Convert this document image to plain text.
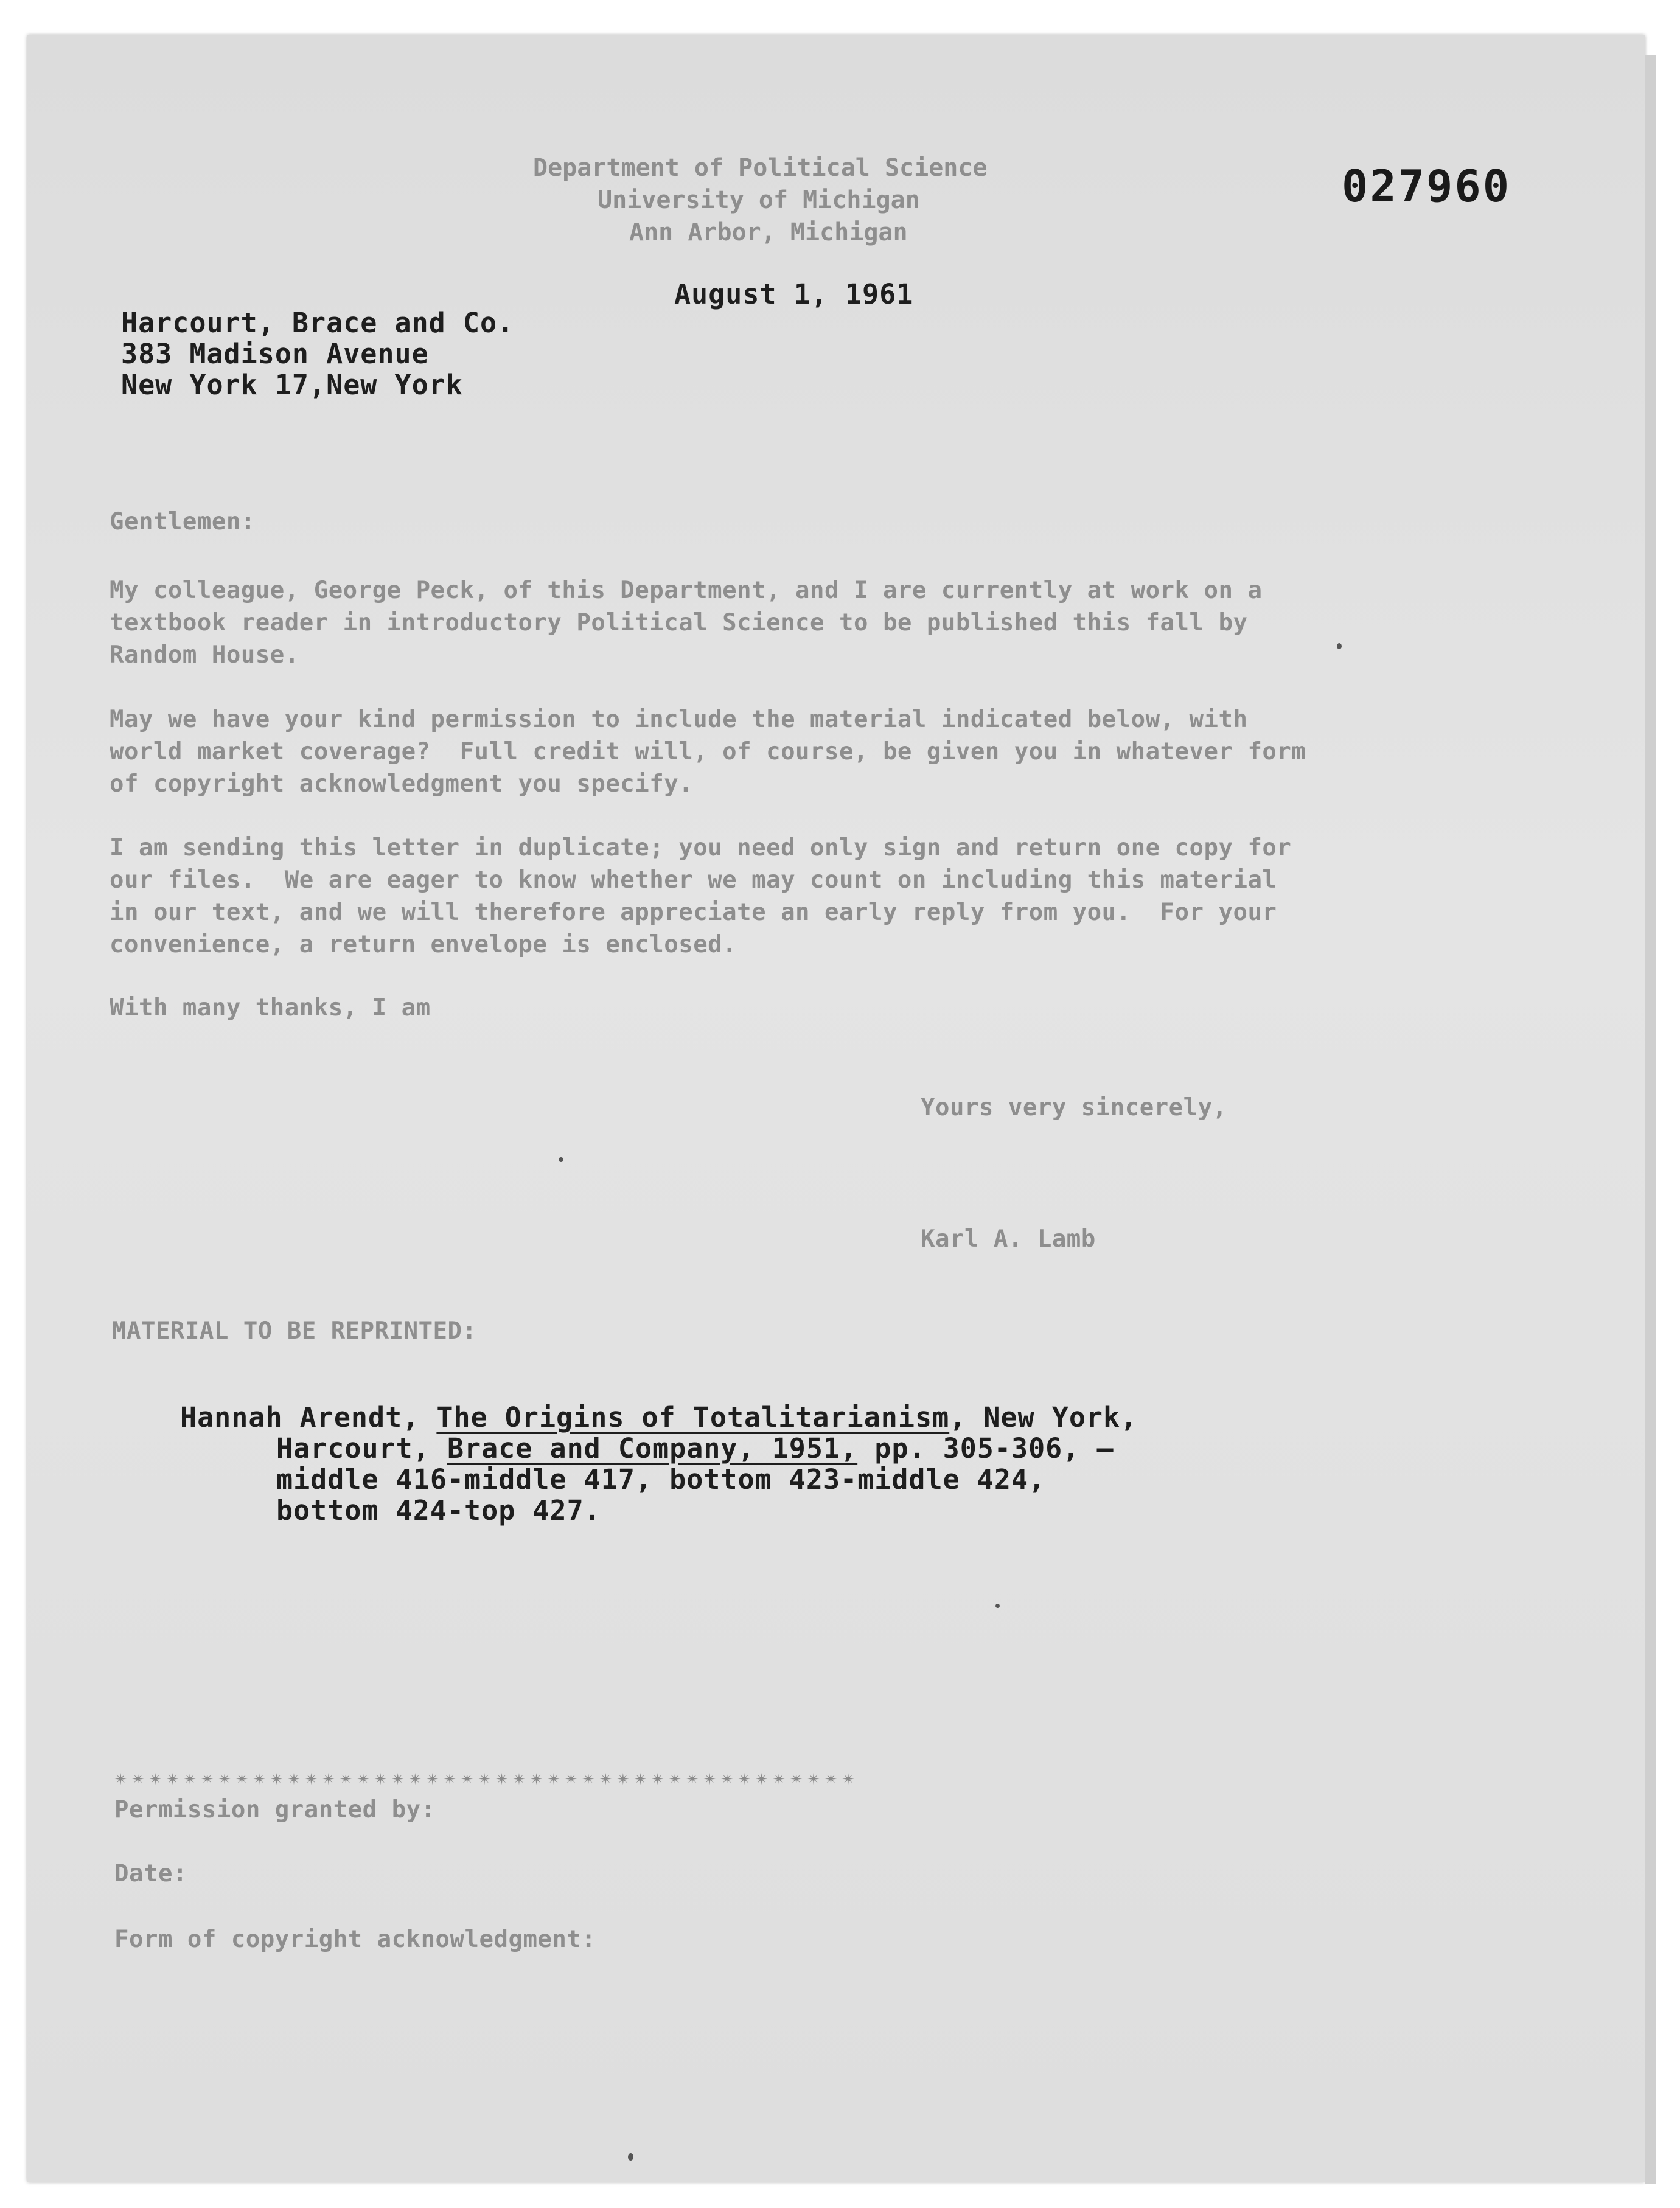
027960
Department of Political Science
University of Michigan
Ann Arbor, Michigan
August 1, 1961
Harcourt, Brace and Co.
383 Madison Avenue
New York 17,New York
Gentlemen:
My colleague, George Peck, of this Department, and I are currently at work on a
textbook reader in introductory Political Science to be published this fall by
Random House.
May we have your kind permission to include the material indicated below, with
world market coverage?  Full credit will, of course, be given you in whatever form
of copyright acknowledgment you specify.
I am sending this letter in duplicate; you need only sign and return one copy for
our files.  We are eager to know whether we may count on including this material
in our text, and we will therefore appreciate an early reply from you.  For your
convenience, a return envelope is enclosed.
With many thanks, I am
Yours very sincerely,
Karl A. Lamb
MATERIAL TO BE REPRINTED:
Hannah Arendt, The Origins of Totalitarianism, New York,
Harcourt, Brace and Company, 1951, pp. 305-306, –
middle 416-middle 417, bottom 423-middle 424,
bottom 424-top 427.
✴✴✴✴✴✴✴✴✴✴✴✴✴✴✴✴✴✴✴✴✴✴✴✴✴✴✴✴✴✴✴✴✴✴✴✴✴✴✴✴✴✴✴
Permission granted by:
Date:
Form of copyright acknowledgment:
